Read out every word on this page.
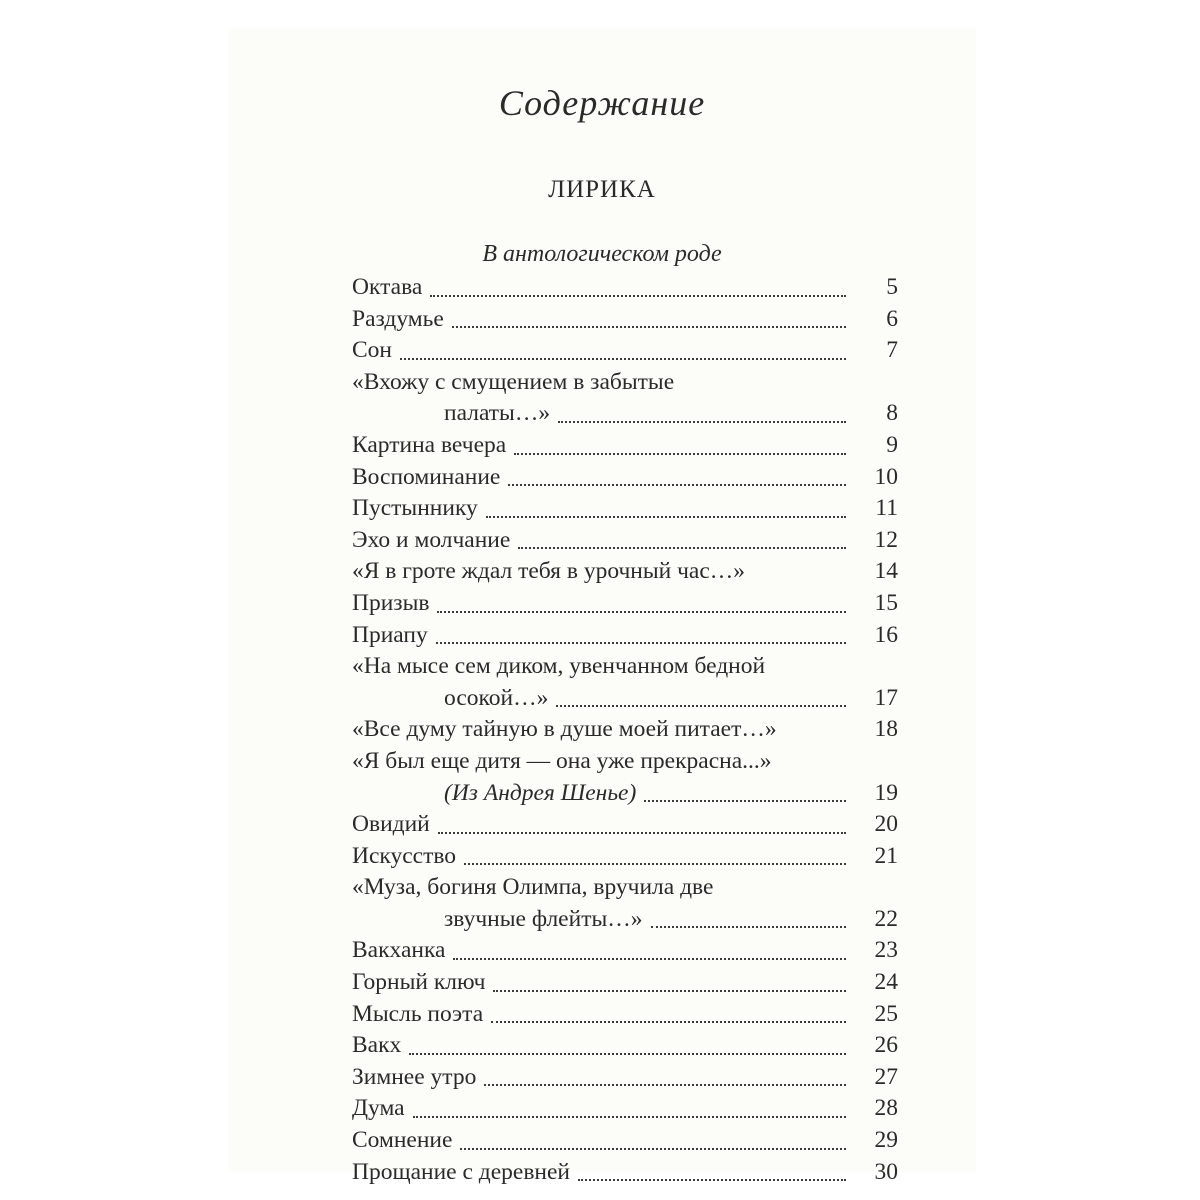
Содержание
ЛИРИКА
В антологическом роде
Октава	5
Раздумье	6
Сон	7
«Вхожу с смущением в забытые
палаты…»	8
Картина вечера	9
Воспоминание	10
Пустыннику	11
Эхо и молчание	12
«Я в гроте ждал тебя в урочный час…»	14
Призыв	15
Приапу	16
«На мысе сем диком, увенчанном бедной
осокой…»	17
«Все думу тайную в душе моей питает…»	18
«Я был еще дитя — она уже прекрасна...»
(Из Андрея Шенье)	19
Овидий	20
Искусство	21
«Муза, богиня Олимпа, вручила две
звучные флейты…»	22
Вакханка	23
Горный ключ	24
Мысль поэта	25
Вакх	26
Зимнее утро	27
Дума	28
Сомнение	29
Прощание с деревней	30
